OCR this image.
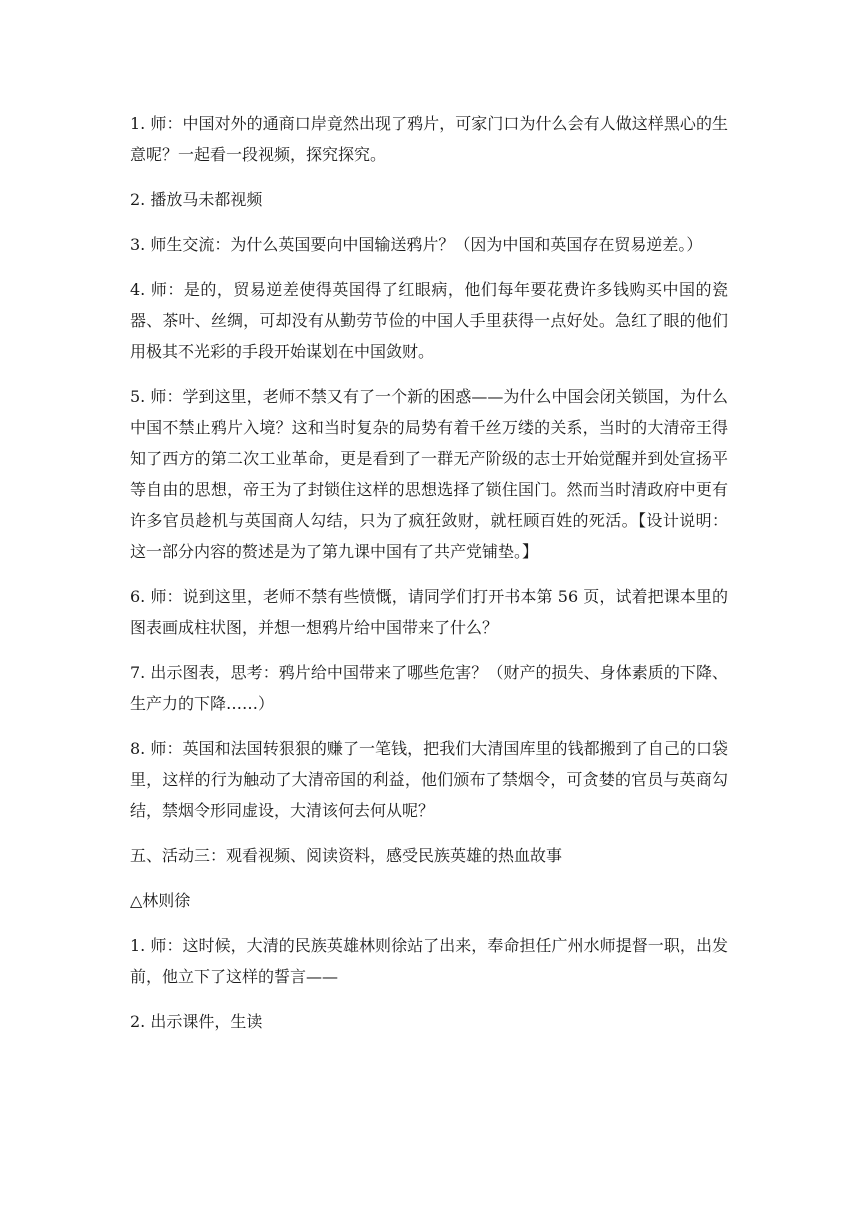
1. 师：中国对外的通商口岸竟然出现了鸦片，可家门口为什么会有人做这样黑心的生意呢？一起看一段视频，探究探究。

2. 播放马未都视频

3. 师生交流：为什么英国要向中国输送鸦片？（因为中国和英国存在贸易逆差。）

4. 师：是的，贸易逆差使得英国得了红眼病，他们每年要花费许多钱购买中国的瓷器、茶叶、丝绸，可却没有从勤劳节俭的中国人手里获得一点好处。急红了眼的他们用极其不光彩的手段开始谋划在中国敛财。

5. 师：学到这里，老师不禁又有了一个新的困惑——为什么中国会闭关锁国，为什么中国不禁止鸦片入境？这和当时复杂的局势有着千丝万缕的关系，当时的大清帝王得知了西方的第二次工业革命，更是看到了一群无产阶级的志士开始觉醒并到处宣扬平等自由的思想，帝王为了封锁住这样的思想选择了锁住国门。然而当时清政府中更有许多官员趁机与英国商人勾结，只为了疯狂敛财，就枉顾百姓的死活。【设计说明：这一部分内容的赘述是为了第九课中国有了共产党铺垫。】

6. 师：说到这里，老师不禁有些愤慨，请同学们打开书本第 56 页，试着把课本里的图表画成柱状图，并想一想鸦片给中国带来了什么？

7. 出示图表，思考：鸦片给中国带来了哪些危害？（财产的损失、身体素质的下降、生产力的下降……）

8. 师：英国和法国转狠狠的赚了一笔钱，把我们大清国库里的钱都搬到了自己的口袋里，这样的行为触动了大清帝国的利益，他们颁布了禁烟令，可贪婪的官员与英商勾结，禁烟令形同虚设，大清该何去何从呢？

五、活动三：观看视频、阅读资料，感受民族英雄的热血故事

△林则徐

1. 师：这时候，大清的民族英雄林则徐站了出来，奉命担任广州水师提督一职，出发前，他立下了这样的誓言——

2. 出示课件，生读
